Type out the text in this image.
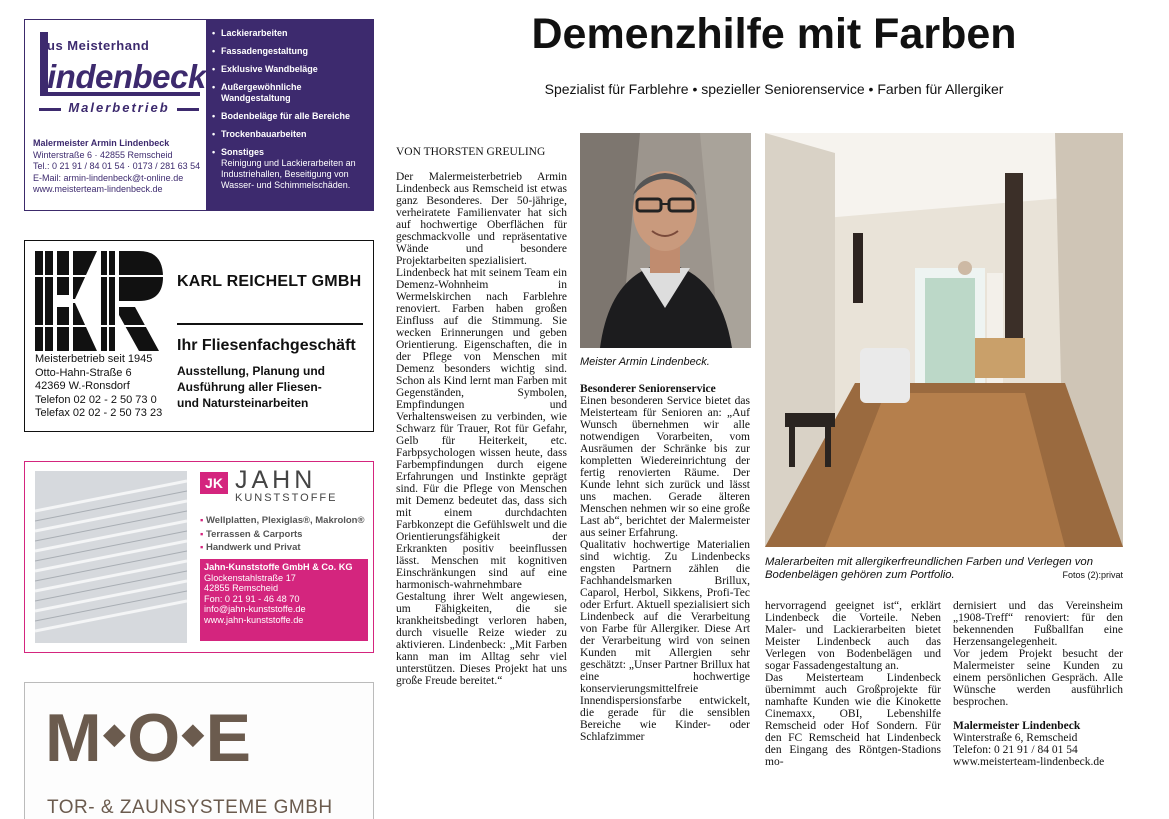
us Meisterhand
indenbeck
Malerbetrieb
Malermeister Armin Lindenbeck
Winterstraße 6 · 42855 Remscheid
Tel.: 0 21 91 / 84 01 54 · 0173 / 281 63 54
E-Mail: armin-lindenbeck@t-online.de
www.meisterteam-lindenbeck.de
• Lackierarbeiten
• Fassadengestaltung
• Exklusive Wandbeläge
• Außergewöhnliche Wandgestaltung
• Bodenbeläge für alle Bereiche
• Trockenbauarbeiten
• Sonstiges
Reinigung und Lackierarbeiten an Industriehallen, Beseitigung von Wasser- und Schimmelschäden.
KARL REICHELT GMBH
Ihr Fliesenfachgeschäft
Ausstellung, Planung und
Ausführung aller Fliesen-
und Natursteinarbeiten
Meisterbetrieb seit 1945
Otto-Hahn-Straße 6
42369 W.-Ronsdorf
Telefon 02 02 - 2 50 73 0
Telefax 02 02 - 2 50 73 23
JK JAHN
KUNSTSTOFFE
▪ Wellplatten, Plexiglas®, Makrolon®
▪ Terrassen & Carports
▪ Handwerk und Privat
Jahn-Kunststoffe GmbH & Co. KG
Glockenstahlstraße 17
42855 Remscheid
Fon: 0 21 91 - 46 48 70
info@jahn-kunststoffe.de
www.jahn-kunststoffe.de
M◆O◆E
TOR- & ZAUNSYSTEME GMBH
Demenzhilfe mit Farben
Spezialist für Farblehre • spezieller Seniorenservice • Farben für Allergiker

VON THORSTEN GREULING

Der Malermeisterbetrieb Armin Lindenbeck aus Remscheid ist etwas ganz Besonderes. Der 50-jährige, verheiratete Familienvater hat sich auf hochwertige Oberflächen für geschmackvolle und repräsentative Wände und besondere Projektarbeiten spezialisiert.

Lindenbeck hat mit seinem Team ein Demenz-Wohnheim in Wermelskirchen nach Farblehre renoviert. Farben haben großen Einfluss auf die Stimmung. Sie wecken Erinnerungen und geben Orientierung. Eigenschaften, die in der Pflege von Menschen mit Demenz besonders wichtig sind. Schon als Kind lernt man Farben mit Gegenständen, Symbolen, Empfindungen und Verhaltensweisen zu verbinden, wie Schwarz für Trauer, Rot für Gefahr, Gelb für Heiterkeit, etc. Farbpsychologen wissen heute, dass Farbempfindungen durch eigene Erfahrungen und Instinkte geprägt sind. Für die Pflege von Menschen mit Demenz bedeutet das, dass sich mit einem durchdachten Farbkonzept die Gefühlswelt und die Orientierungsfähigkeit der Erkrankten positiv beeinflussen lässt. Menschen mit kognitiven Einschränkungen sind auf eine harmonisch-wahrnehmbare Gestaltung ihrer Welt angewiesen, um Fähigkeiten, die sie krankheitsbedingt verloren haben, durch visuelle Reize wieder zu aktivieren. Lindenbeck: „Mit Farben kann man im Alltag sehr viel unterstützen. Dieses Projekt hat uns große Freude bereitet.“

Meister Armin Lindenbeck.
Besonderer Seniorenservice

Einen besonderen Service bietet das Meisterteam für Senioren an: „Auf Wunsch übernehmen wir alle notwendigen Vorarbeiten, vom Ausräumen der Schränke bis zur kompletten Wiedereinrichtung der fertig renovierten Räume. Der Kunde lehnt sich zurück und lässt uns machen. Gerade älteren Menschen nehmen wir so eine große Last ab“, berichtet der Malermeister aus seiner Erfahrung.

Qualitativ hochwertige Materialien sind wichtig. Zu Lindenbecks engsten Partnern zählen die Fachhandelsmarken Brillux, Caparol, Herbol, Sikkens, Profi-Tec oder Erfurt. Aktuell spezialisiert sich Lindenbeck auf die Verarbeitung von Farbe für Allergiker. Diese Art der Verarbeitung wird von seinen Kunden mit Allergien sehr geschätzt: „Unser Partner Brillux hat eine hochwertige konservierungsmittelfreie Innendispersionsfarbe entwickelt, die gerade für die sensiblen Bereiche wie Kinder- oder Schlafzimmer

Malerarbeiten mit allergikerfreundlichen Farben und Verlegen von Bodenbelägen gehören zum Portfolio.	Fotos (2):privat

hervorragend geeignet ist“, erklärt Lindenbeck die Vorteile. Neben Maler- und Lackierarbeiten bietet Meister Lindenbeck auch das Verlegen von Bodenbelägen und sogar Fassadengestaltung an.

Das Meisterteam Lindenbeck übernimmt auch Großprojekte für namhafte Kunden wie die Kinokette Cinemaxx, OBI, Lebenshilfe Remscheid oder Hof Sondern. Für den FC Remscheid hat Lindenbeck den Eingang des Röntgen-Stadions mo-

dernisiert und das Vereinsheim „1908-Treff“ renoviert: für den bekennenden Fußballfan eine Herzensangelegenheit.

Vor jedem Projekt besucht der Malermeister seine Kunden zu einem persönlichen Gespräch. Alle Wünsche werden ausführlich besprochen.

Malermeister Lindenbeck
Winterstraße 6, Remscheid
Telefon: 0 21 91 / 84 01 54
www.meisterteam-lindenbeck.de
